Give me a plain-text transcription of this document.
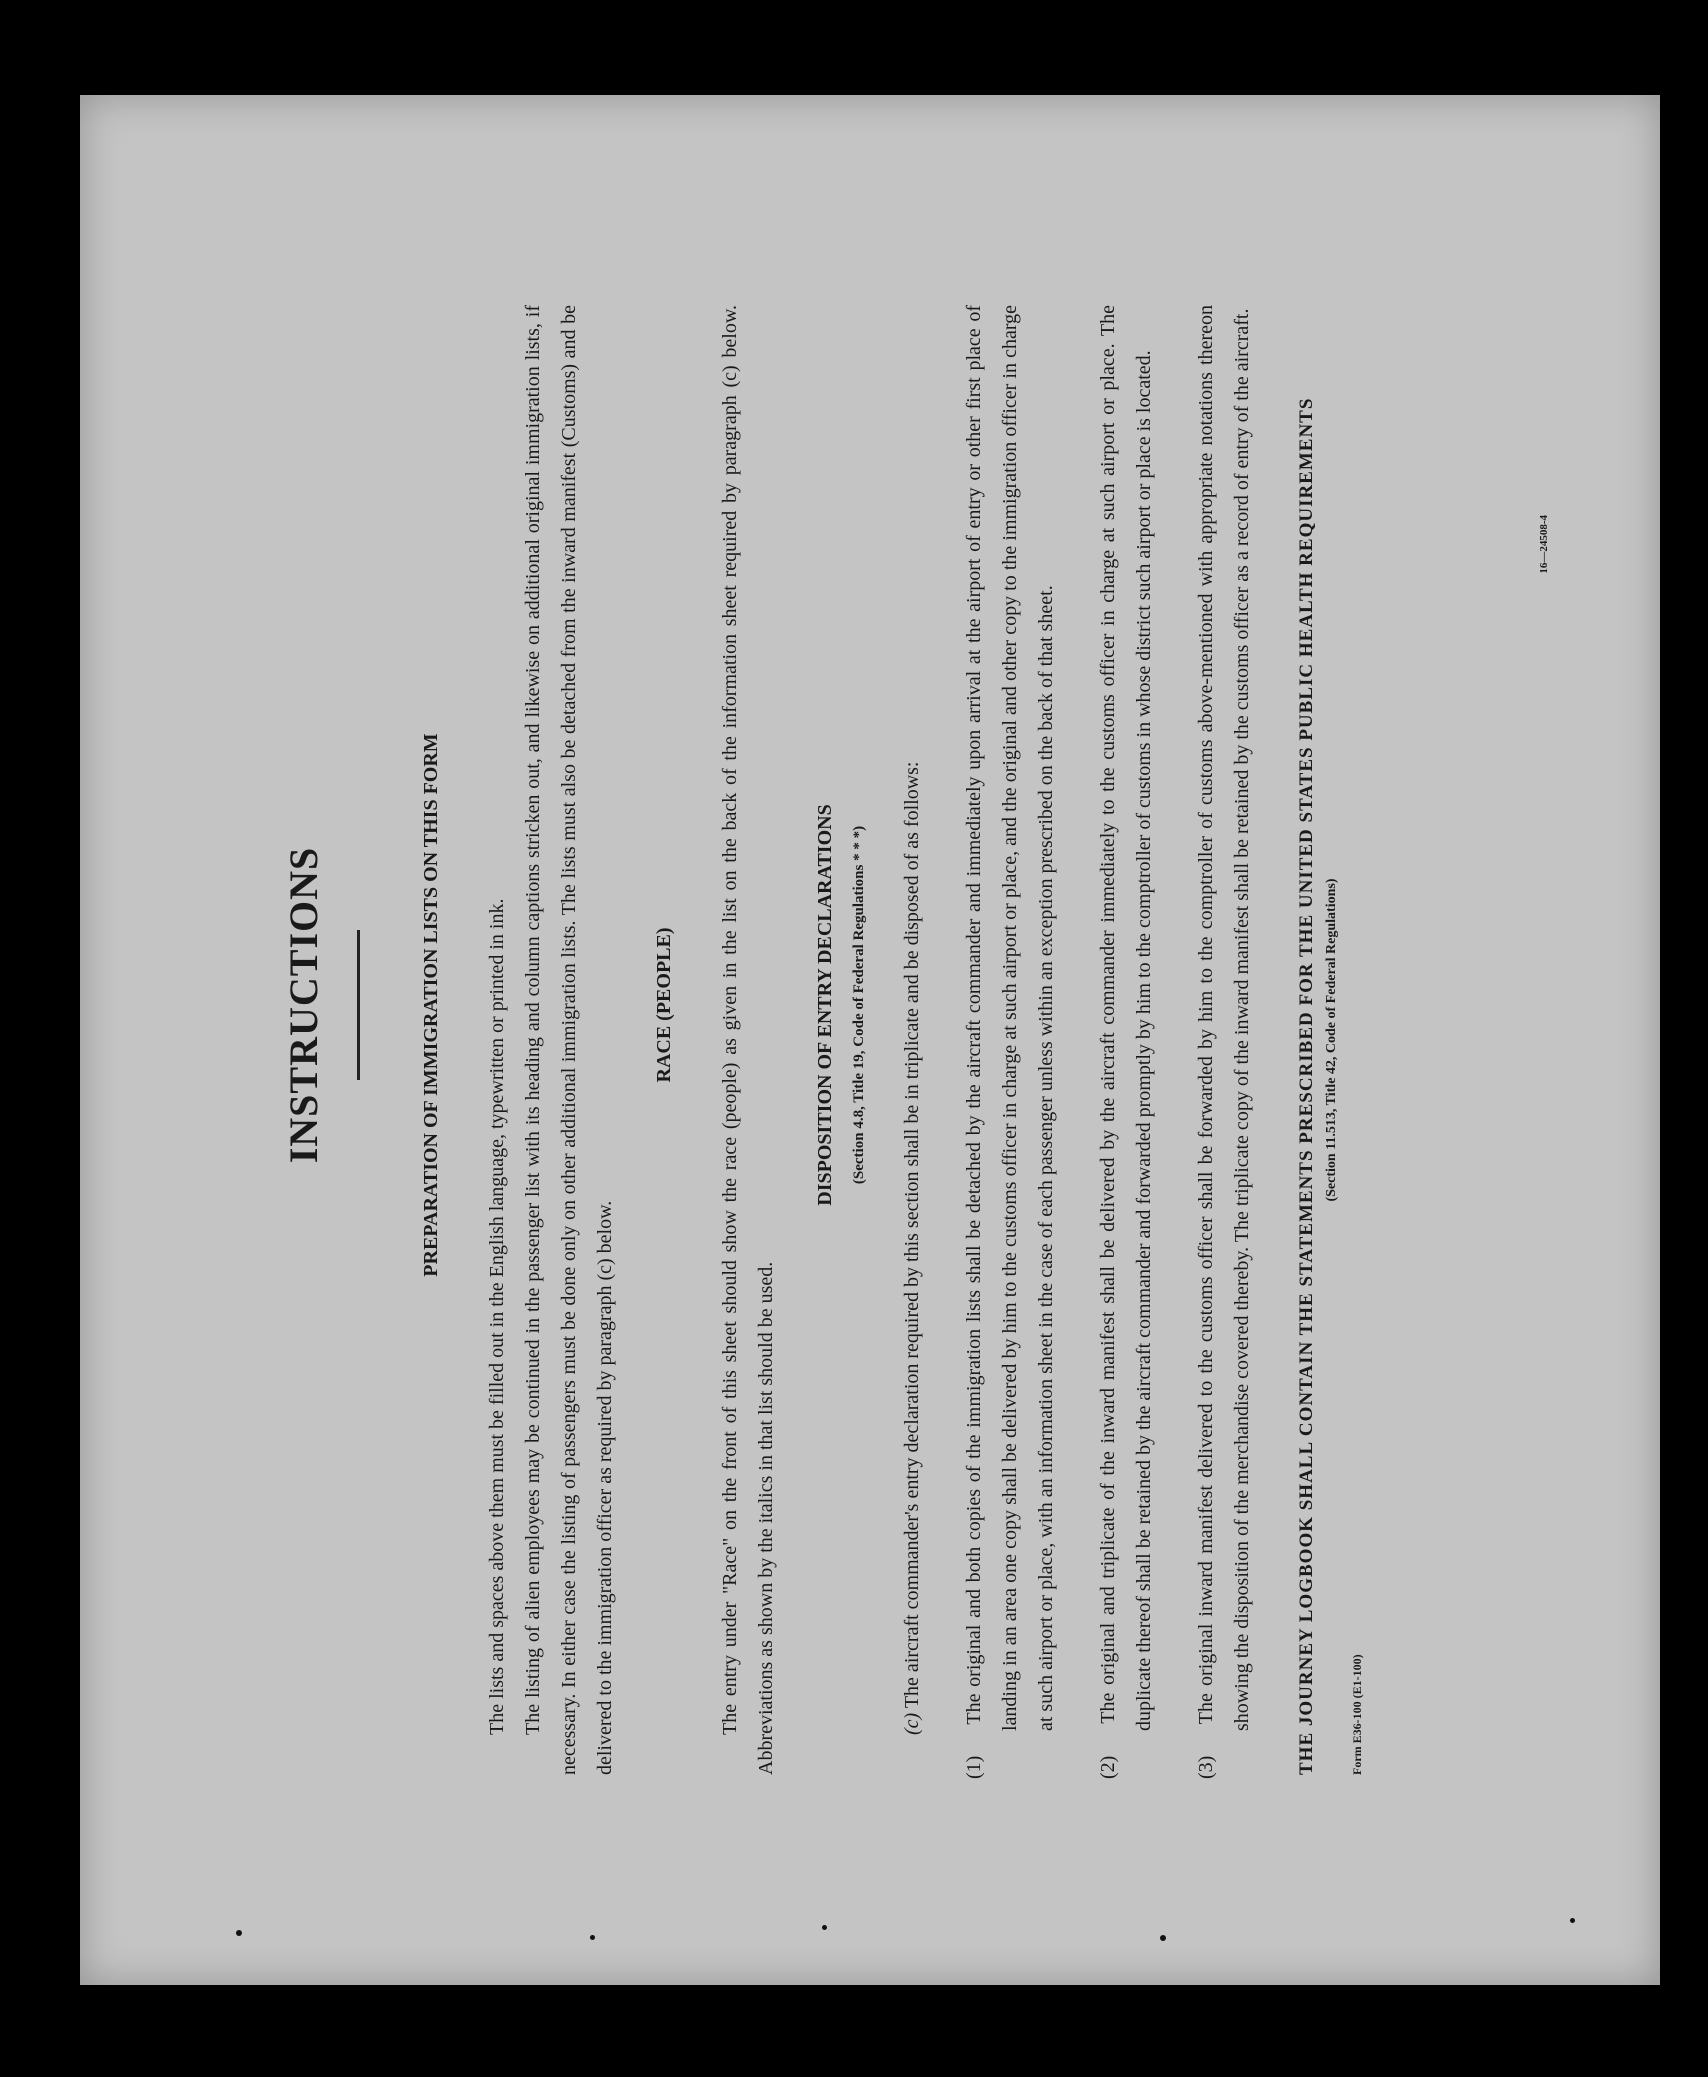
INSTRUCTIONS	PREPARATION OF IMMIGRATION LISTS ON THIS FORM	The lists and spaces above them must be filled out in the English language, typewritten or printed in ink. The listing of alien employees may be continued in the passenger list with its heading and column captions stricken out, and likewise on additional original immigration lists, if necessary. In either case the listing of passengers must be done only on other additional immigration lists. The lists must also be detached from the inward manifest (Customs) and be delivered to the immigration officer as required by paragraph (c) below.

RACE (PEOPLE)	The entry under "Race" on the front of this sheet should show the race (people) as given in the list on the back of the information sheet required by paragraph (c) below. Abbreviations as shown by the italics in that list should be used.

DISPOSITION OF ENTRY DECLARATIONS (Section 4.8, Title 19, Code of Federal Regulations * * *)
(c) The aircraft commander's entry declaration required by this section shall be in triplicate and be disposed of as follows:
(1) The original and both copies of the immigration lists shall be detached by the aircraft commander and immediately upon arrival at the airport of entry or other first place of landing in an area one copy shall be delivered by him to the customs officer in charge at such airport or place, and the original and other copy to the immigration officer in charge at such airport or place, with an information sheet in the case of each passenger unless within an exception prescribed on the back of that sheet.
(2) The original and triplicate of the inward manifest shall be delivered by the aircraft commander immediately to the customs officer in charge at such airport or place. The duplicate thereof shall be retained by the aircraft commander and forwarded promptly by him to the comptroller of customs in whose district such airport or place is located.
(3) The original inward manifest delivered to the customs officer shall be forwarded by him to the comptroller of customs above-mentioned with appropriate notations thereon showing the disposition of the merchandise covered thereby. The triplicate copy of the inward manifest shall be retained by the customs officer as a record of entry of the aircraft.	THE JOURNEY LOGBOOK SHALL CONTAIN THE STATEMENTS PRESCRIBED FOR THE UNITED STATES PUBLIC HEALTH REQUIREMENTS (Section 11.513, Title 42, Code of Federal Regulations)
Form E36-100 (E1-100)
16—24508-4
